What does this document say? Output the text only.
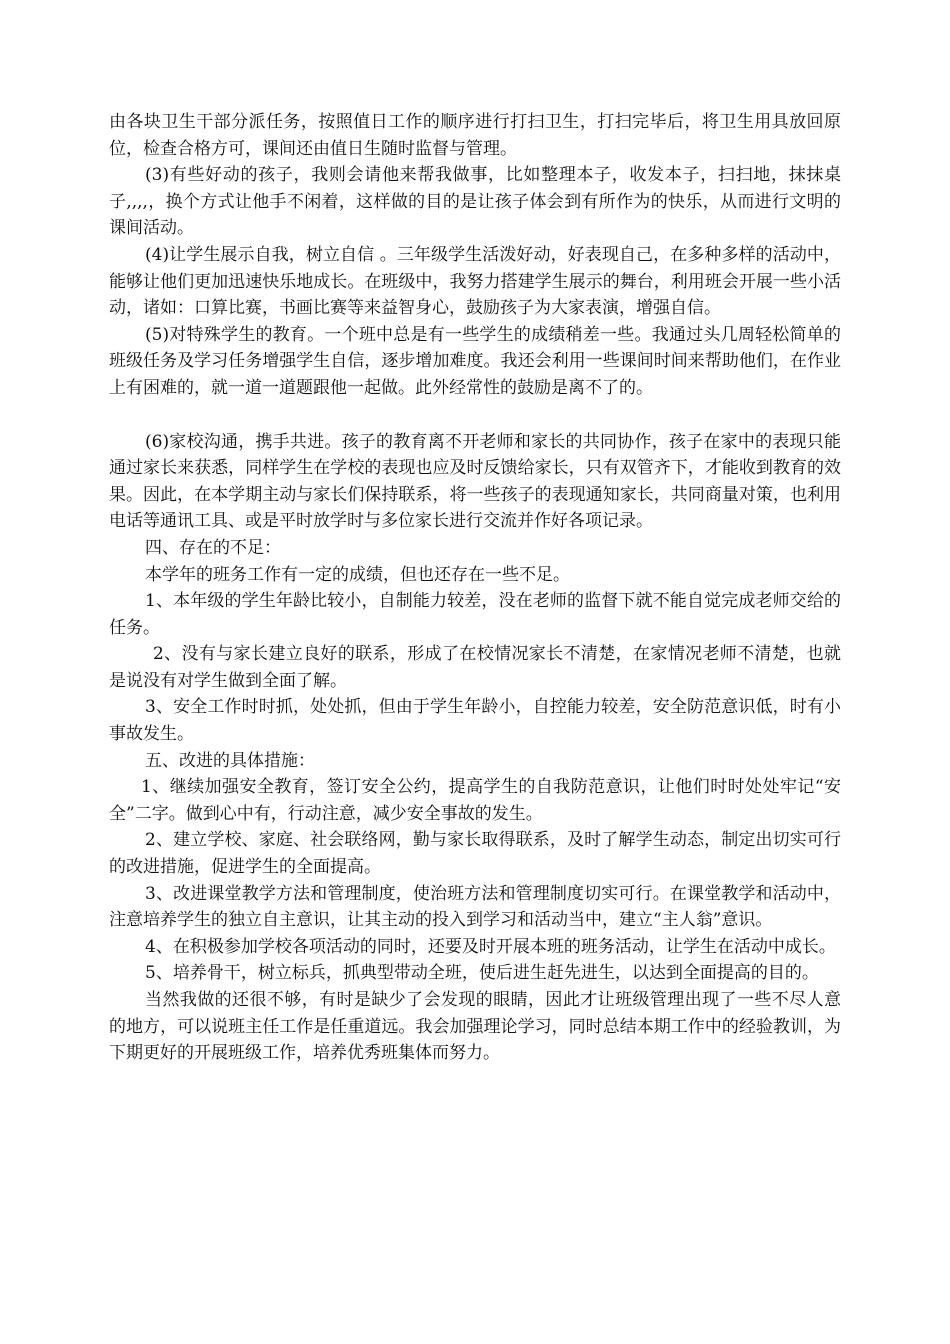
由各块卫生干部分派任务，按照值日工作的顺序进行打扫卫生，打扫完毕后，将卫生用具放回原位，检查合格方可，课间还由值日生随时监督与管理。

(3)有些好动的孩子，我则会请他来帮我做事，比如整理本子，收发本子，扫扫地，抹抹桌子,,,,，换个方式让他手不闲着，这样做的目的是让孩子体会到有所作为的快乐，从而进行文明的课间活动。

(4)让学生展示自我，树立自信 。三年级学生活泼好动，好表现自己，在多种多样的活动中，能够让他们更加迅速快乐地成长。在班级中，我努力搭建学生展示的舞台，利用班会开展一些小活动，诸如：口算比赛，书画比赛等来益智身心，鼓励孩子为大家表演，增强自信。

(5)对特殊学生的教育。一个班中总是有一些学生的成绩稍差一些。我通过头几周轻松简单的班级任务及学习任务增强学生自信，逐步增加难度。我还会利用一些课间时间来帮助他们，在作业上有困难的，就一道一道题跟他一起做。此外经常性的鼓励是离不了的。

(6)家校沟通，携手共进。孩子的教育离不开老师和家长的共同协作，孩子在家中的表现只能通过家长来获悉，同样学生在学校的表现也应及时反馈给家长，只有双管齐下，才能收到教育的效果。因此，在本学期主动与家长们保持联系，将一些孩子的表现通知家长，共同商量对策，也利用电话等通讯工具、或是平时放学时与多位家长进行交流并作好各项记录。

四、存在的不足：

本学年的班务工作有一定的成绩，但也还存在一些不足。

1、本年级的学生年龄比较小，自制能力较差，没在老师的监督下就不能自觉完成老师交给的任务。

2、没有与家长建立良好的联系，形成了在校情况家长不清楚，在家情况老师不清楚，也就是说没有对学生做到全面了解。

3、安全工作时时抓，处处抓，但由于学生年龄小，自控能力较差，安全防范意识低，时有小事故发生。

五、改进的具体措施：

1、继续加强安全教育，签订安全公约，提高学生的自我防范意识，让他们时时处处牢记“安全”二字。做到心中有，行动注意，减少安全事故的发生。

2、建立学校、家庭、社会联络网，勤与家长取得联系，及时了解学生动态，制定出切实可行的改进措施，促进学生的全面提高。

3、改进课堂教学方法和管理制度，使治班方法和管理制度切实可行。在课堂教学和活动中，注意培养学生的独立自主意识，让其主动的投入到学习和活动当中，建立“主人翁”意识。

4、在积极参加学校各项活动的同时，还要及时开展本班的班务活动，让学生在活动中成长。

5、培养骨干，树立标兵，抓典型带动全班，使后进生赶先进生，以达到全面提高的目的。

当然我做的还很不够，有时是缺少了会发现的眼睛，因此才让班级管理出现了一些不尽人意的地方，可以说班主任工作是任重道远。我会加强理论学习，同时总结本期工作中的经验教训，为下期更好的开展班级工作，培养优秀班集体而努力。
